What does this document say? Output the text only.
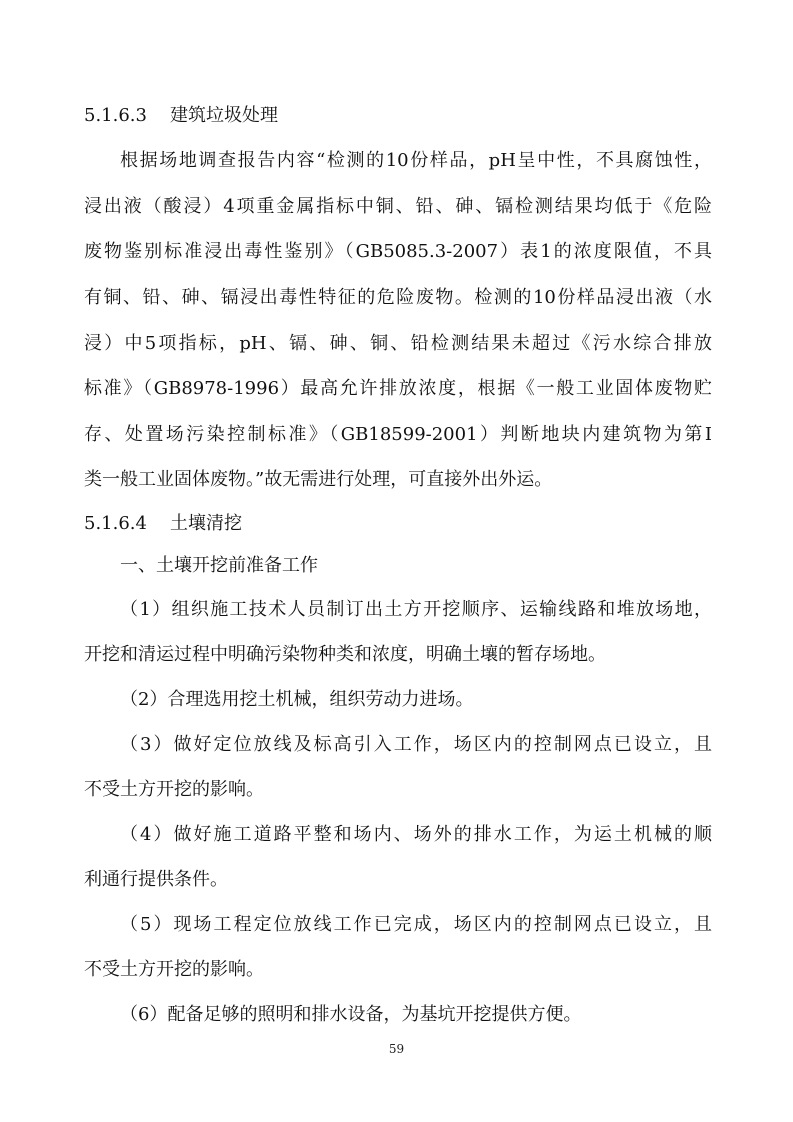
5.1.6.3 建筑垃圾处理
根据场地调查报告内容“检测的10份样品，pH呈中性，不具腐蚀性，
浸出液（酸浸）4项重金属指标中铜、铅、砷、镉检测结果均低于《危险
废物鉴别标准浸出毒性鉴别》（GB5085.3-2007）表1的浓度限值，不具
有铜、铅、砷、镉浸出毒性特征的危险废物。检测的10份样品浸出液（水
浸）中5项指标，pH、镉、砷、铜、铅检测结果未超过《污水综合排放
标准》（GB8978-1996）最高允许排放浓度，根据《一般工业固体废物贮
存、处置场污染控制标准》（GB18599-2001）判断地块内建筑物为第Ⅰ
类一般工业固体废物。”故无需进行处理，可直接外出外运。
5.1.6.4 土壤清挖
一、土壤开挖前准备工作
（1）组织施工技术人员制订出土方开挖顺序、运输线路和堆放场地，
开挖和清运过程中明确污染物种类和浓度，明确土壤的暂存场地。
（2）合理选用挖土机械，组织劳动力进场。
（3）做好定位放线及标高引入工作，场区内的控制网点已设立，且
不受土方开挖的影响。
（4）做好施工道路平整和场内、场外的排水工作，为运土机械的顺
利通行提供条件。
（5）现场工程定位放线工作已完成，场区内的控制网点已设立，且
不受土方开挖的影响。
（6）配备足够的照明和排水设备，为基坑开挖提供方便。
59
